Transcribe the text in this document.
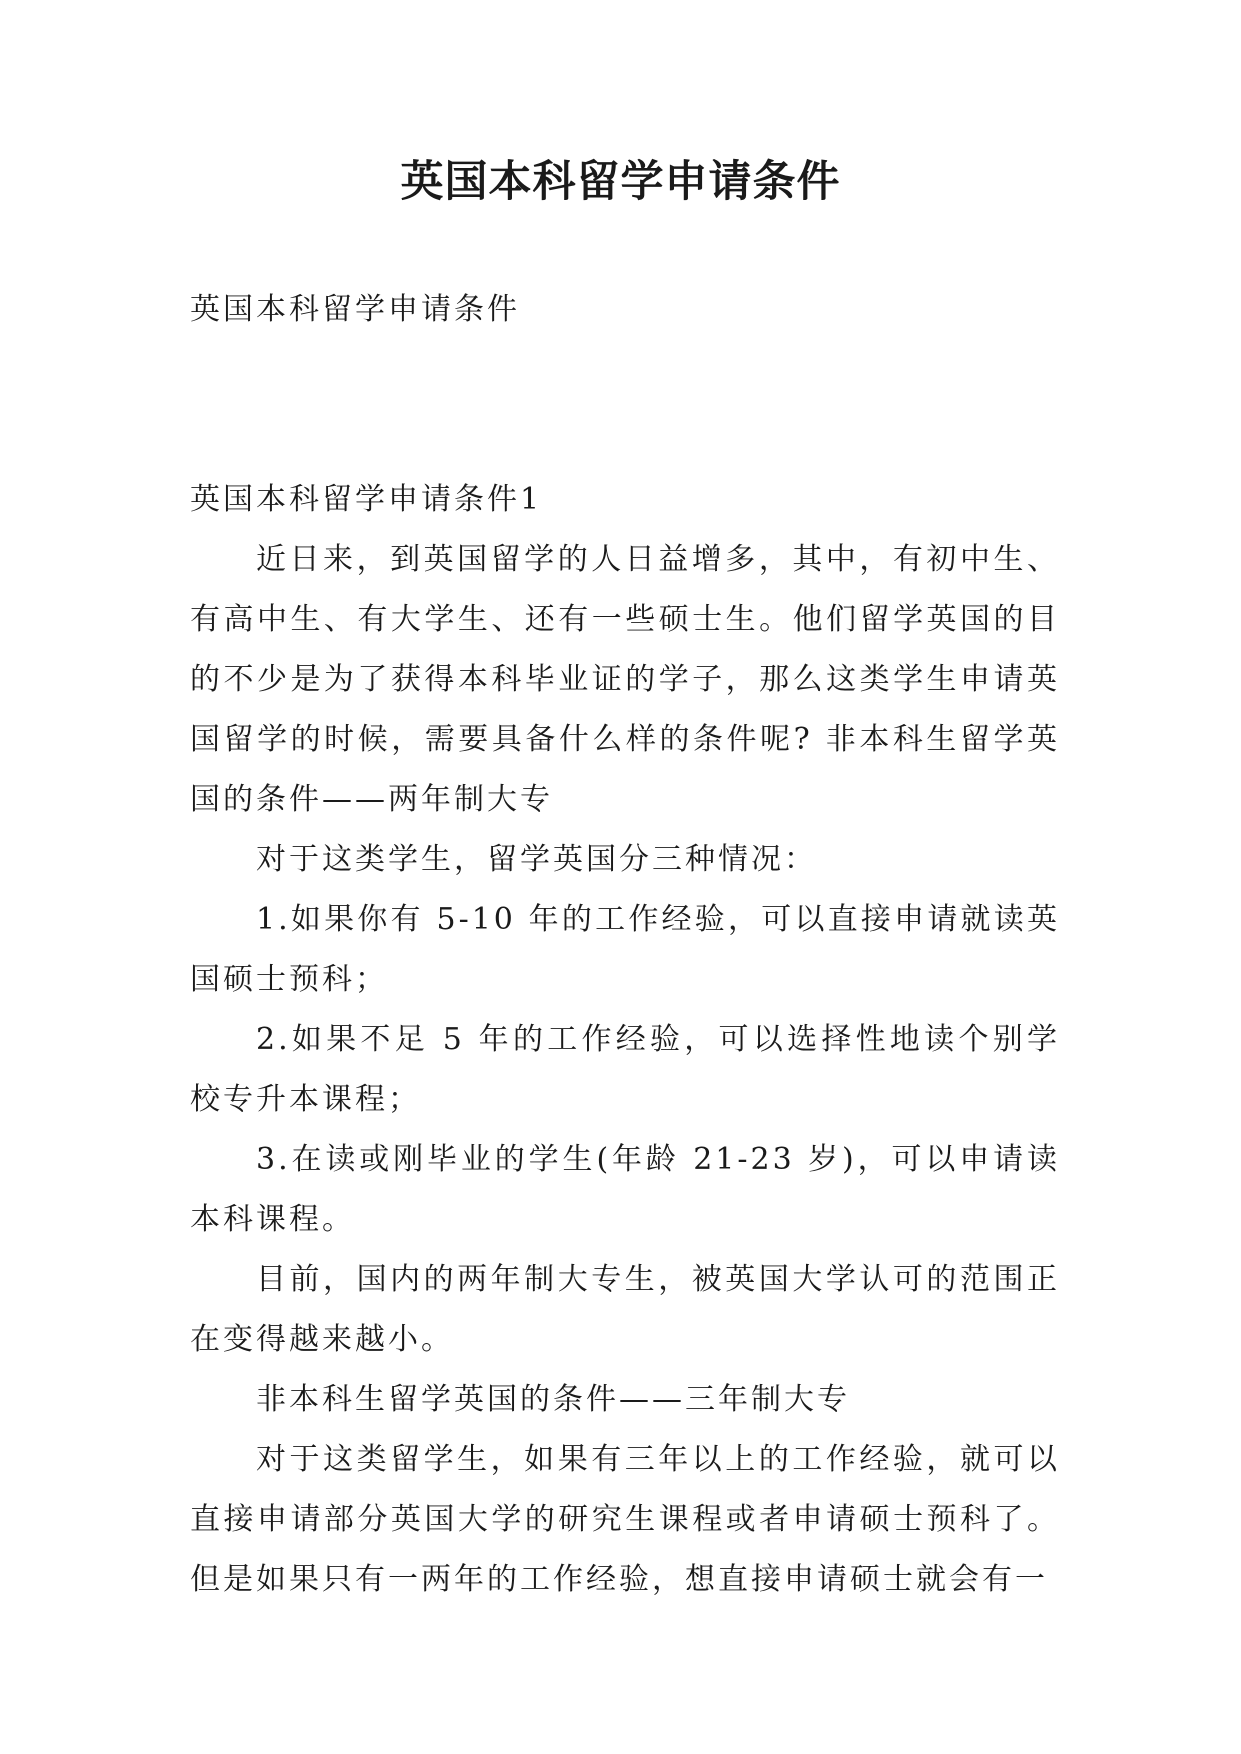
英国本科留学申请条件

英国本科留学申请条件

英国本科留学申请条件1

近日来，到英国留学的人日益增多，其中，有初中生、有高中生、有大学生、还有一些硕士生。他们留学英国的目的不少是为了获得本科毕业证的学子，那么这类学生申请英国留学的时候，需要具备什么样的条件呢? 非本科生留学英国的条件——两年制大专

对于这类学生，留学英国分三种情况：

1.如果你有 5-10 年的工作经验，可以直接申请就读英国硕士预科；

2.如果不足 5 年的工作经验，可以选择性地读个别学校专升本课程；

3.在读或刚毕业的学生(年龄 21-23 岁)，可以申请读本科课程。

目前，国内的两年制大专生，被英国大学认可的范围正在变得越来越小。

非本科生留学英国的条件——三年制大专

对于这类留学生，如果有三年以上的工作经验，就可以直接申请部分英国大学的研究生课程或者申请硕士预科了。但是如果只有一两年的工作经验，想直接申请硕士就会有一
